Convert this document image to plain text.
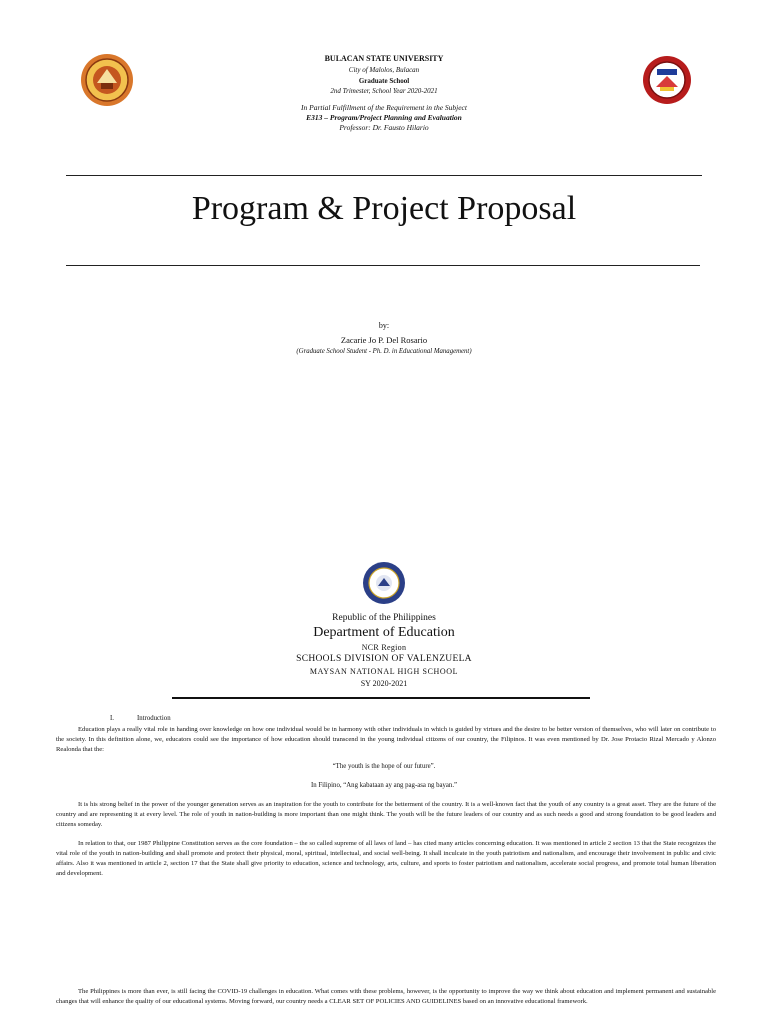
BULACAN STATE UNIVERSITY
City of Malolos, Bulacan
Graduate School
2nd Trimester, School Year 2020-2021
In Partial Fulfillment of the Requirement in the Subject
E313 – Program/Project Planning and Evaluation
Professor: Dr. Fausto Hilario
Program & Project Proposal
by:
Zacarie Jo P. Del Rosario
(Graduate School Student - Ph. D. in Educational Management)
Republic of the Philippines
Department of Education
NCR Region
SCHOOLS DIVISION OF VALENZUELA
MAYSAN NATIONAL HIGH SCHOOL
SY 2020-2021
I.	Introduction
Education plays a really vital role in handing over knowledge on how one individual would be in harmony with other individuals in which is guided by virtues and the desire to be better version of themselves, who will later on contribute to the society. In this definition alone, we, educators could see the importance of how education should transcend in the young individual citizens of our country, the Filipinos. It was even mentioned by Dr. Jose Protacio Rizal Mercado y Alonzo Realonda that the:
“The youth is the hope of our future”.
In Filipino, “Ang kabataan ay ang pag-asa ng bayan.”
It is his strong belief in the power of the younger generation serves as an inspiration for the youth to contribute for the betterment of the country. It is a well-known fact that the youth of any country is a great asset. They are the future of the country and are representing it at every level. The role of youth in nation-building is more important than one might think. The youth will be the future leaders of our country and as such needs a good and strong foundation to be good leaders and citizens someday.
In relation to that, our 1987 Philippine Constitution serves as the core foundation – the so called supreme of all laws of land – has cited many articles concerning education. It was mentioned in article 2 section 13 that the State recognizes the vital role of the youth in nation-building and shall promote and protect their physical, moral, spiritual, intellectual, and social well-being. It shall inculcate in the youth patriotism and nationalism, and encourage their involvement in public and civic affairs. Also it was mentioned in article 2, section 17 that the State shall give priority to education, science and technology, arts, culture, and sports to foster patriotism and nationalism, accelerate social progress, and promote total human liberation and development.
The Philippines is more than ever, is still facing the COVID-19 challenges in education. What comes with these problems, however, is the opportunity to improve the way we think about education and implement permanent and sustainable changes that will enhance the quality of our educational systems. Moving forward, our country needs a CLEAR SET OF POLICIES AND GUIDELINES based on an innovative educational framework.
